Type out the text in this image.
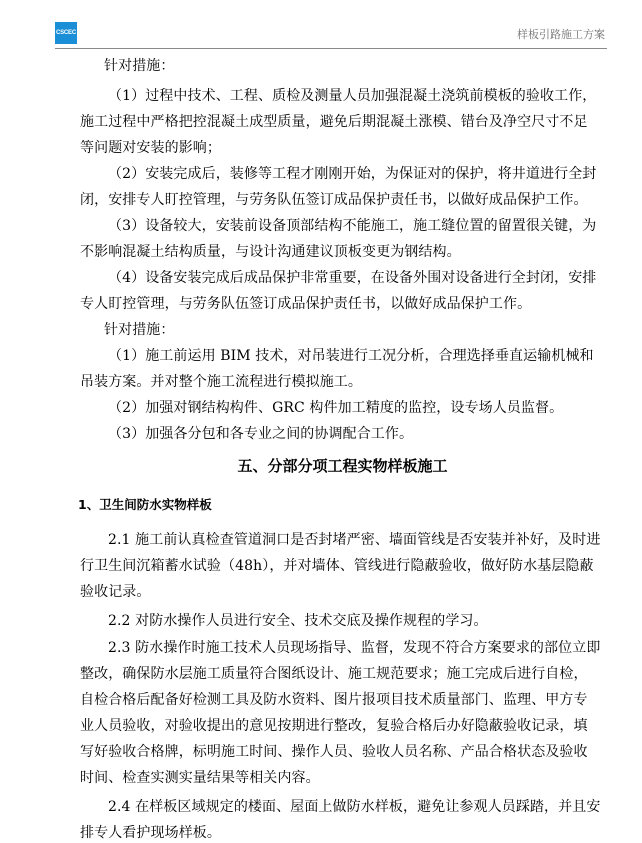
CSCEC	样板引路施工方案
针对措施：
（1）过程中技术、工程、质检及测量人员加强混凝土浇筑前模板的验收工作，
施工过程中严格把控混凝土成型质量，避免后期混凝土涨模、错台及净空尺寸不足
等问题对安装的影响；
（2）安装完成后，装修等工程才刚刚开始，为保证对的保护，将井道进行全封
闭，安排专人盯控管理，与劳务队伍签订成品保护责任书，以做好成品保护工作。
（3）设备较大，安装前设备顶部结构不能施工，施工缝位置的留置很关键，为
不影响混凝土结构质量，与设计沟通建议顶板变更为钢结构。
（4）设备安装完成后成品保护非常重要，在设备外围对设备进行全封闭，安排
专人盯控管理，与劳务队伍签订成品保护责任书，以做好成品保护工作。
针对措施：
（1）施工前运用 BIM 技术，对吊装进行工况分析，合理选择垂直运输机械和
吊装方案。并对整个施工流程进行模拟施工。
（2）加强对钢结构构件、GRC 构件加工精度的监控，设专场人员监督。
（3）加强各分包和各专业之间的协调配合工作。
五、分部分项工程实物样板施工
1、卫生间防水实物样板
2.1 施工前认真检查管道洞口是否封堵严密、墙面管线是否安装并补好，及时进
行卫生间沉箱蓄水试验（48h），并对墙体、管线进行隐蔽验收，做好防水基层隐蔽
验收记录。
2.2 对防水操作人员进行安全、技术交底及操作规程的学习。
2.3 防水操作时施工技术人员现场指导、监督，发现不符合方案要求的部位立即
整改，确保防水层施工质量符合图纸设计、施工规范要求；施工完成后进行自检，
自检合格后配备好检测工具及防水资料、图片报项目技术质量部门、监理、甲方专
业人员验收，对验收提出的意见按期进行整改，复验合格后办好隐蔽验收记录，填
写好验收合格牌，标明施工时间、操作人员、验收人员名称、产品合格状态及验收
时间、检查实测实量结果等相关内容。
2.4 在样板区域规定的楼面、屋面上做防水样板，避免让参观人员踩踏，并且安
排专人看护现场样板。
